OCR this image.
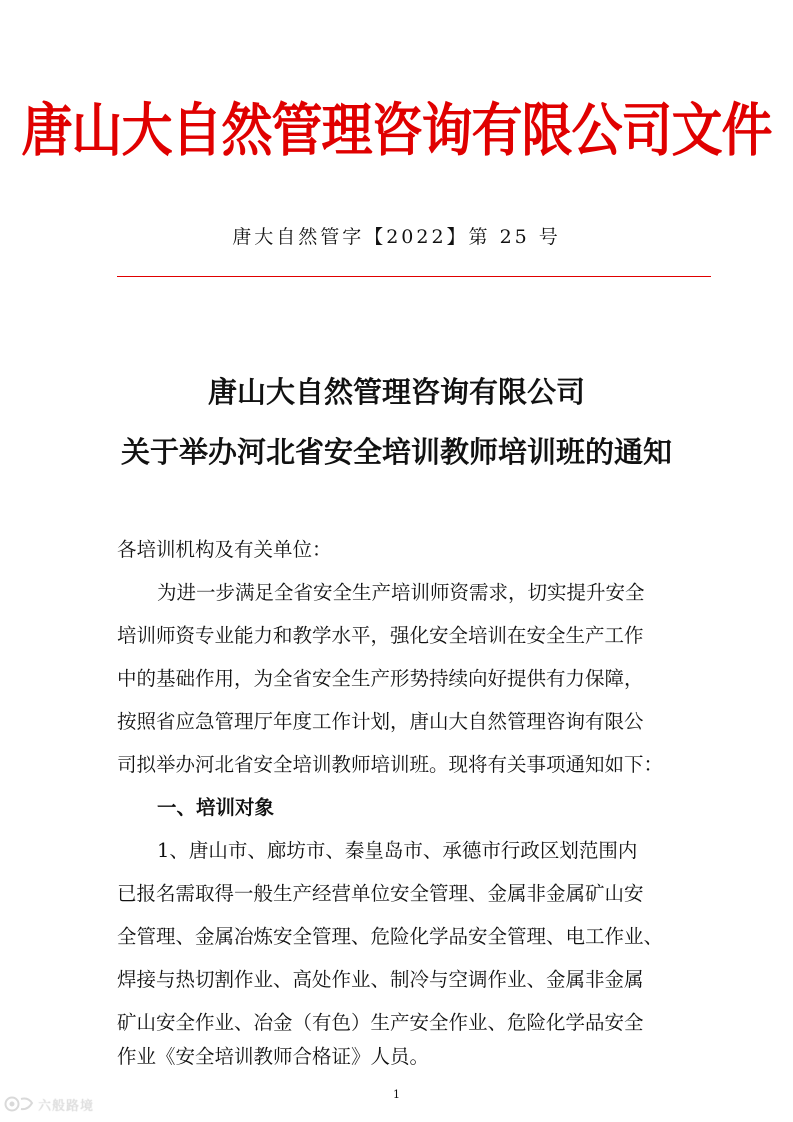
唐山大自然管理咨询有限公司文件
唐大自然管字【2022】第 25 号
唐山大自然管理咨询有限公司
关于举办河北省安全培训教师培训班的通知
各培训机构及有关单位：
为进一步满足全省安全生产培训师资需求，切实提升安全
培训师资专业能力和教学水平，强化安全培训在安全生产工作
中的基础作用，为全省安全生产形势持续向好提供有力保障，
按照省应急管理厅年度工作计划，唐山大自然管理咨询有限公
司拟举办河北省安全培训教师培训班。现将有关事项通知如下：
一、培训对象
1、唐山市、廊坊市、秦皇岛市、承德市行政区划范围内
已报名需取得一般生产经营单位安全管理、金属非金属矿山安
全管理、金属冶炼安全管理、危险化学品安全管理、电工作业、
焊接与热切割作业、高处作业、制冷与空调作业、金属非金属
矿山安全作业、冶金（有色）生产安全作业、危险化学品安全
作业《安全培训教师合格证》人员。
1
六般路境
